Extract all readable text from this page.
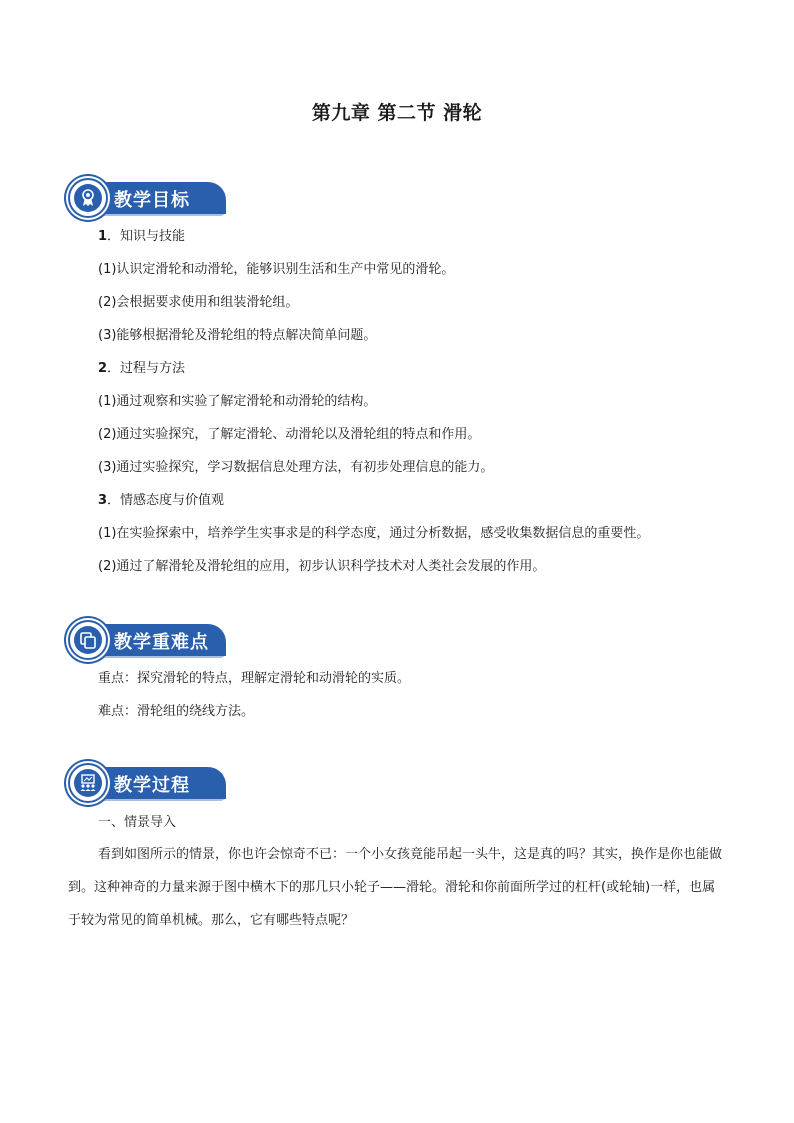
第九章 第二节 滑轮
教学目标
1．知识与技能
(1)认识定滑轮和动滑轮，能够识别生活和生产中常见的滑轮。
(2)会根据要求使用和组装滑轮组。
(3)能够根据滑轮及滑轮组的特点解决简单问题。
2．过程与方法
(1)通过观察和实验了解定滑轮和动滑轮的结构。
(2)通过实验探究，了解定滑轮、动滑轮以及滑轮组的特点和作用。
(3)通过实验探究，学习数据信息处理方法，有初步处理信息的能力。
3．情感态度与价值观
(1)在实验探索中，培养学生实事求是的科学态度，通过分析数据，感受收集数据信息的重要性。
(2)通过了解滑轮及滑轮组的应用，初步认识科学技术对人类社会发展的作用。
教学重难点
重点：探究滑轮的特点，理解定滑轮和动滑轮的实质。
难点：滑轮组的绕线方法。
教学过程
一、情景导入
看到如图所示的情景，你也许会惊奇不已：一个小女孩竟能吊起一头牛，这是真的吗？其实，换作是你也能做到。这种神奇的力量来源于图中横木下的那几只小轮子——滑轮。滑轮和你前面所学过的杠杆(或轮轴)一样，也属于较为常见的简单机械。那么，它有哪些特点呢？
